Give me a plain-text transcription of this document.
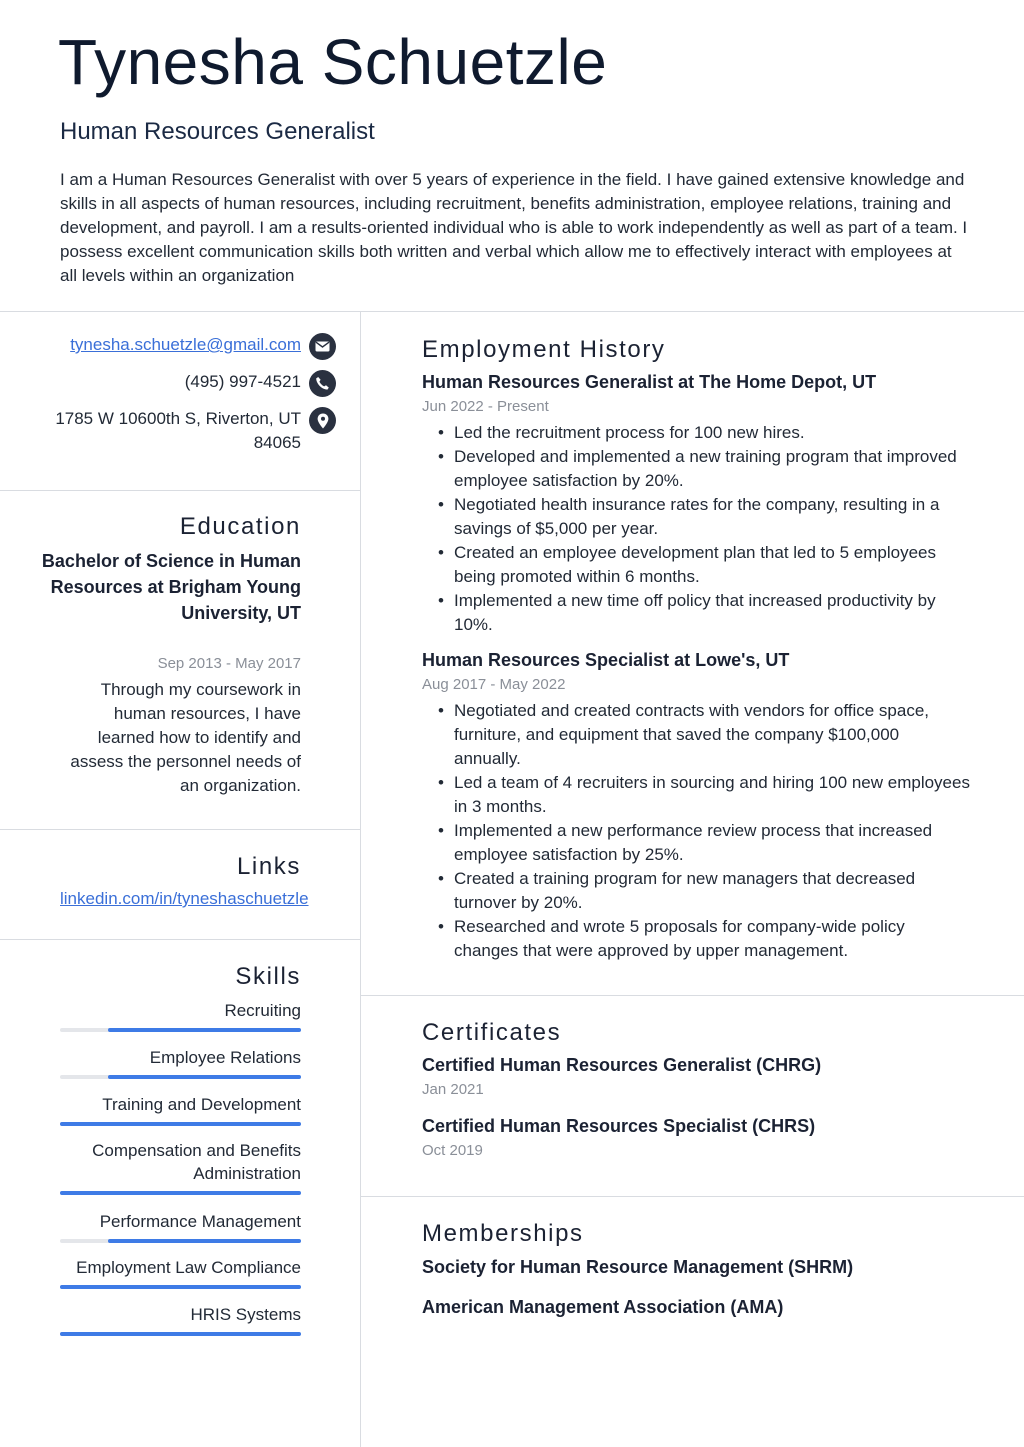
Tynesha Schuetzle
Human Resources Generalist
I am a Human Resources Generalist with over 5 years of experience in the field. I have gained extensive knowledge and skills in all aspects of human resources, including recruitment, benefits administration, employee relations, training and development, and payroll. I am a results-oriented individual who is able to work independently as well as part of a team. I possess excellent communication skills both written and verbal which allow me to effectively interact with employees at all levels within an organization
tynesha.schuetzle@gmail.com
(495) 997-4521
1785 W 10600th S, Riverton, UT
84065
Education
Bachelor of Science in Human Resources at Brigham Young University, UT
Sep 2013 - May 2017
Through my coursework in human resources, I have learned how to identify and assess the personnel needs of an organization.
Links
linkedin.com/in/tyneshaschuetzle
Skills
Recruiting
Employee Relations
Training and Development
Compensation and Benefits Administration
Performance Management
Employment Law Compliance
HRIS Systems
Employment History
Human Resources Generalist at The Home Depot, UT
Jun 2022 - Present
• Led the recruitment process for 100 new hires.
• Developed and implemented a new training program that improved employee satisfaction by 20%.
• Negotiated health insurance rates for the company, resulting in a savings of $5,000 per year.
• Created an employee development plan that led to 5 employees being promoted within 6 months.
• Implemented a new time off policy that increased productivity by 10%.
Human Resources Specialist at Lowe's, UT
Aug 2017 - May 2022
• Negotiated and created contracts with vendors for office space, furniture, and equipment that saved the company $100,000 annually.
• Led a team of 4 recruiters in sourcing and hiring 100 new employees in 3 months.
• Implemented a new performance review process that increased employee satisfaction by 25%.
• Created a training program for new managers that decreased turnover by 20%.
• Researched and wrote 5 proposals for company-wide policy changes that were approved by upper management.
Certificates
Certified Human Resources Generalist (CHRG)
Jan 2021
Certified Human Resources Specialist (CHRS)
Oct 2019
Memberships
Society for Human Resource Management (SHRM)
American Management Association (AMA)
